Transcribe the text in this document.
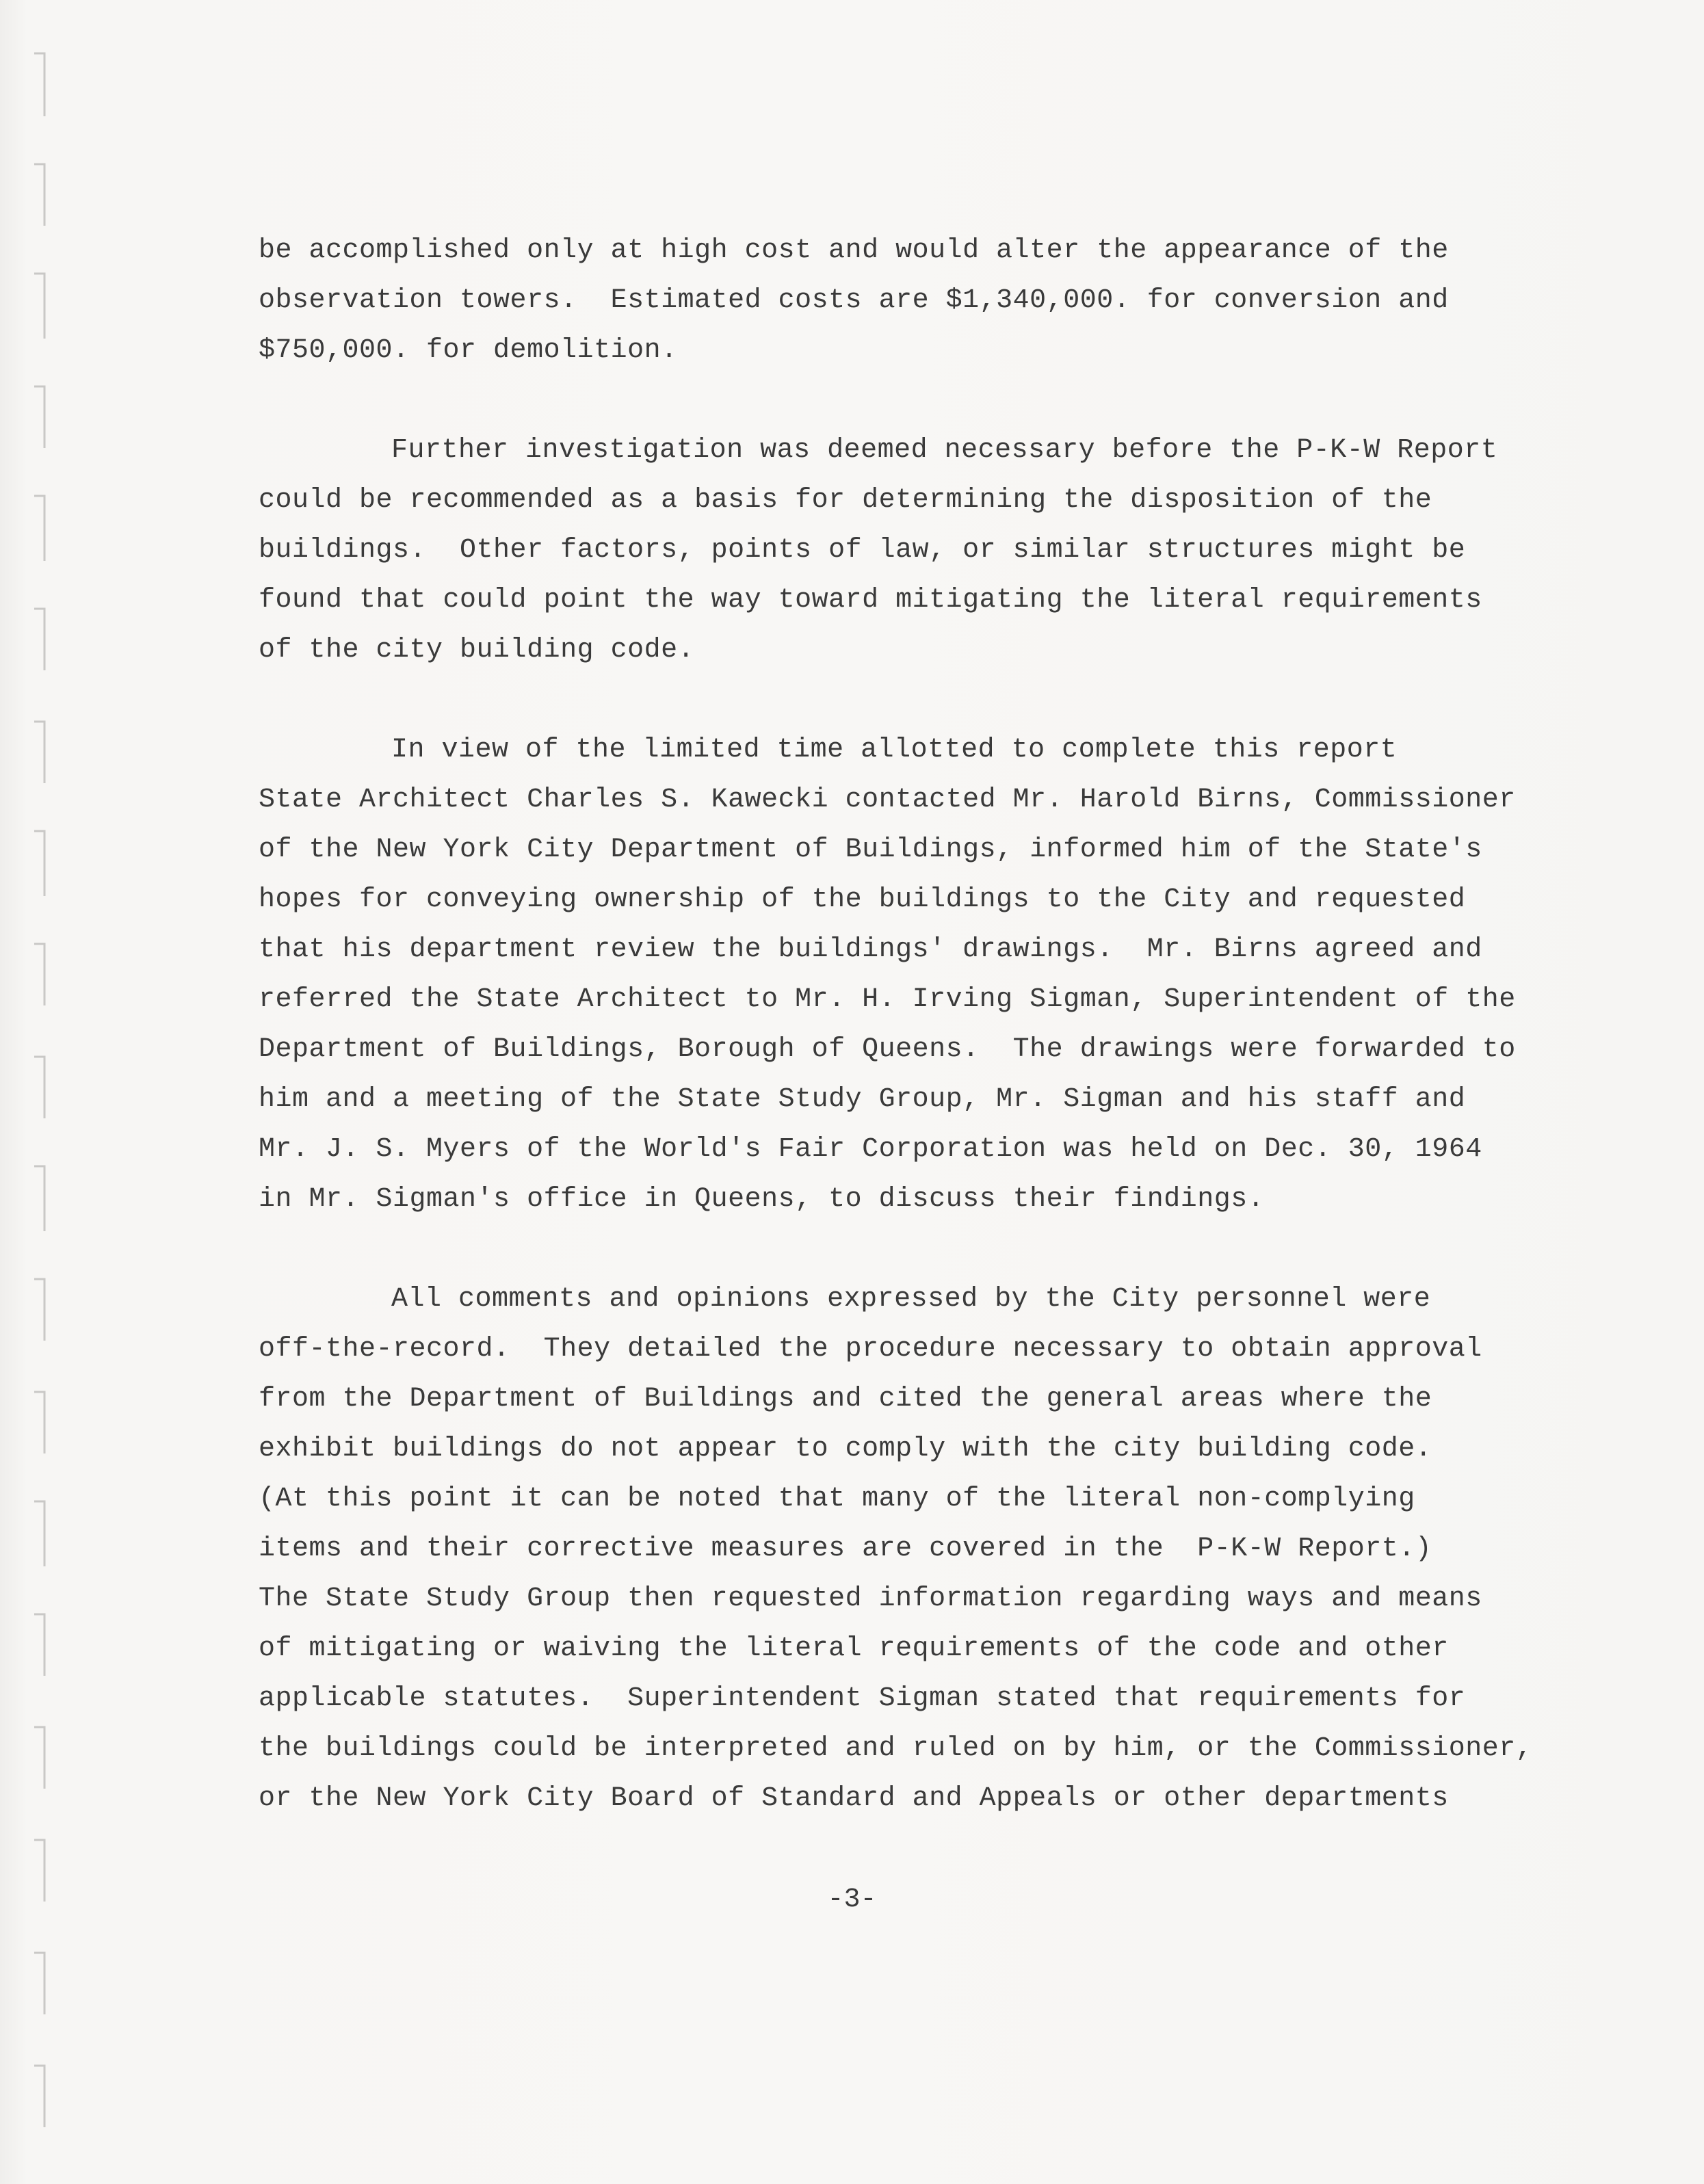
be accomplished only at high cost and would alter the appearance of the
observation towers.  Estimated costs are $1,340,000. for conversion and
$750,000. for demolition.
Further investigation was deemed necessary before the P-K-W Report
could be recommended as a basis for determining the disposition of the
buildings.  Other factors, points of law, or similar structures might be
found that could point the way toward mitigating the literal requirements
of the city building code.
In view of the limited time allotted to complete this report
State Architect Charles S. Kawecki contacted Mr. Harold Birns, Commissioner
of the New York City Department of Buildings, informed him of the State's
hopes for conveying ownership of the buildings to the City and requested
that his department review the buildings' drawings.  Mr. Birns agreed and
referred the State Architect to Mr. H. Irving Sigman, Superintendent of the
Department of Buildings, Borough of Queens.  The drawings were forwarded to
him and a meeting of the State Study Group, Mr. Sigman and his staff and
Mr. J. S. Myers of the World's Fair Corporation was held on Dec. 30, 1964
in Mr. Sigman's office in Queens, to discuss their findings.
All comments and opinions expressed by the City personnel were
off-the-record.  They detailed the procedure necessary to obtain approval
from the Department of Buildings and cited the general areas where the
exhibit buildings do not appear to comply with the city building code.
(At this point it can be noted that many of the literal non-complying
items and their corrective measures are covered in the  P-K-W Report.)
The State Study Group then requested information regarding ways and means
of mitigating or waiving the literal requirements of the code and other
applicable statutes.  Superintendent Sigman stated that requirements for
the buildings could be interpreted and ruled on by him, or the Commissioner,
or the New York City Board of Standard and Appeals or other departments
-3-
